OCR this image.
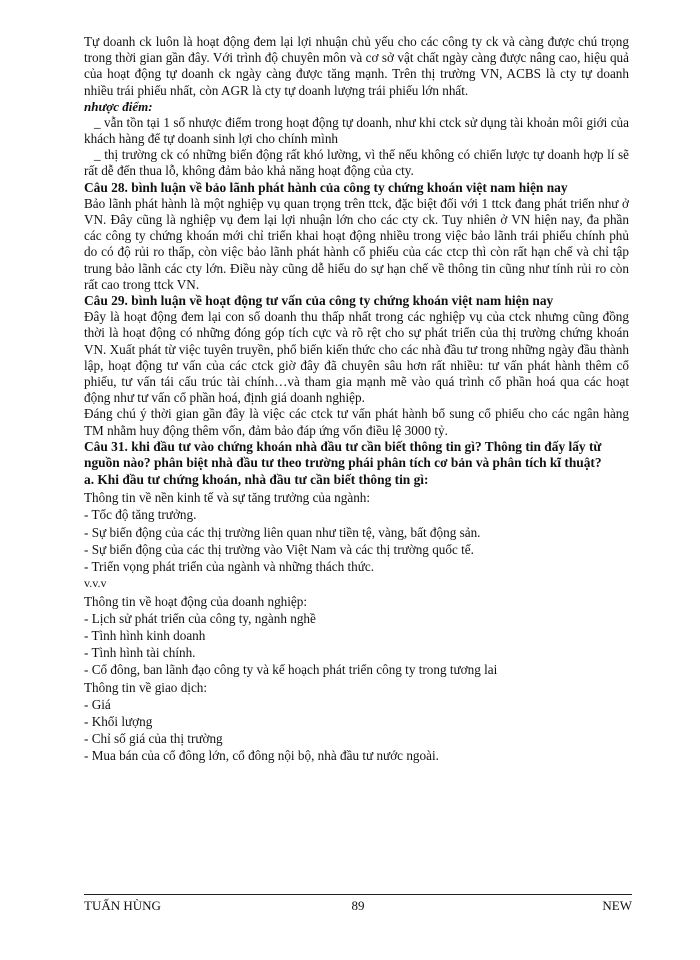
Tự doanh ck luôn là hoạt động đem lại lợi nhuận chủ yếu cho các công ty ck và càng được chú trọng trong thời gian gần đây. Với trình độ chuyên môn và cơ sở vật chất ngày càng được nâng cao, hiệu quả của hoạt động tự doanh ck ngày càng được tăng mạnh. Trên thị trường VN, ACBS là cty tự doanh nhiều trái phiếu nhất, còn AGR là cty tự doanh lượng trái phiếu lớn nhất.

nhược điểm:

_ vẫn tồn tại 1 số nhược điểm trong hoạt động tự doanh, như khi ctck sử dụng tài khoản môi giới của khách hàng để tự doanh sinh lợi cho chính mình

_ thị trường ck có những biến động rất khó lường, vì thế nếu không có chiến lược tự doanh hợp lí sẽ rất dễ đến thua lỗ, không đảm bảo khả năng hoạt động của cty.

Câu 28. bình luận về bảo lãnh phát hành của công ty chứng khoán việt nam hiện nay

Bảo lãnh phát hành là một nghiệp vụ quan trọng trên ttck, đặc biệt đối với 1 ttck đang phát triển như ở VN. Đây cũng là nghiệp vụ đem lại lợi nhuận lớn cho các cty ck. Tuy nhiên ở VN hiện nay, đa phần các công ty chứng khoán mới chỉ triển khai hoạt động nhiều trong việc bảo lãnh trái phiếu chính phủ do có độ rủi ro thấp, còn việc bảo lãnh phát hành cổ phiếu của các ctcp thì còn rất hạn chế và chỉ tập trung bảo lãnh các cty lớn. Điều này cũng dễ hiểu do sự hạn chế về thông tin cũng như tính rủi ro còn rất cao trong ttck VN.

Câu 29. bình luận về hoạt động tư vấn của công ty chứng khoán việt nam hiện nay

Đây là hoạt động đem lại con số doanh thu thấp nhất trong các nghiệp vụ của ctck nhưng cũng đồng thời là hoạt động có những đóng góp tích cực và rõ rệt cho sự phát triển của thị trường chứng khoán VN. Xuất phát từ việc tuyên truyền, phổ biến kiến thức cho các nhà đầu tư trong những ngày đầu thành lập, hoạt động tư vấn của các ctck giờ đây đã chuyên sâu hơn rất nhiều: tư vấn phát hành thêm cổ phiếu, tư vấn tái cấu trúc tài chính…và tham gia mạnh mẽ vào quá trình cổ phần hoá qua các hoạt động như tư vấn cổ phần hoá, định giá doanh nghiệp.

Đáng chú ý thời gian gần đây là việc các ctck tư vấn phát hành bổ sung cổ phiếu cho các ngân hàng TM nhằm huy động thêm vốn, đảm bảo đáp ứng vốn điều lệ 3000 tỷ.

Câu 31. khi đầu tư vào chứng khoán nhà đầu tư cần biết thông tin gì? Thông tin đấy lấy từ nguồn nào? phân biệt nhà đầu tư theo trường phái phân tích cơ bản và phân tích kĩ thuật?

a. Khi đầu tư chứng khoán, nhà đầu tư cần biết thông tin gì:

Thông tin về nền kinh tế và sự tăng trưởng của ngành:

- Tốc độ tăng trưởng.

- Sự biến động của các thị trường liên quan như tiền tệ, vàng, bất động sản.

- Sự biến động của các thị trường vào Việt Nam và các thị trường quốc tế.

- Triển vọng phát triển của ngành và những thách thức.

v.v.v

Thông tin về hoạt động của doanh nghiệp:

- Lịch sử phát triển của công ty, ngành nghề

- Tình hình kinh doanh

- Tình hình tài chính.

- Cổ đông, ban lãnh đạo công ty và kế hoạch phát triển công ty trong tương lai

Thông tin về giao dịch:

- Giá

- Khối lượng

- Chỉ số giá của thị trường

- Mua bán của cổ đông lớn, cổ đông nội bộ, nhà đầu tư nước ngoài.

TUẤN HÙNG	89	NEW
